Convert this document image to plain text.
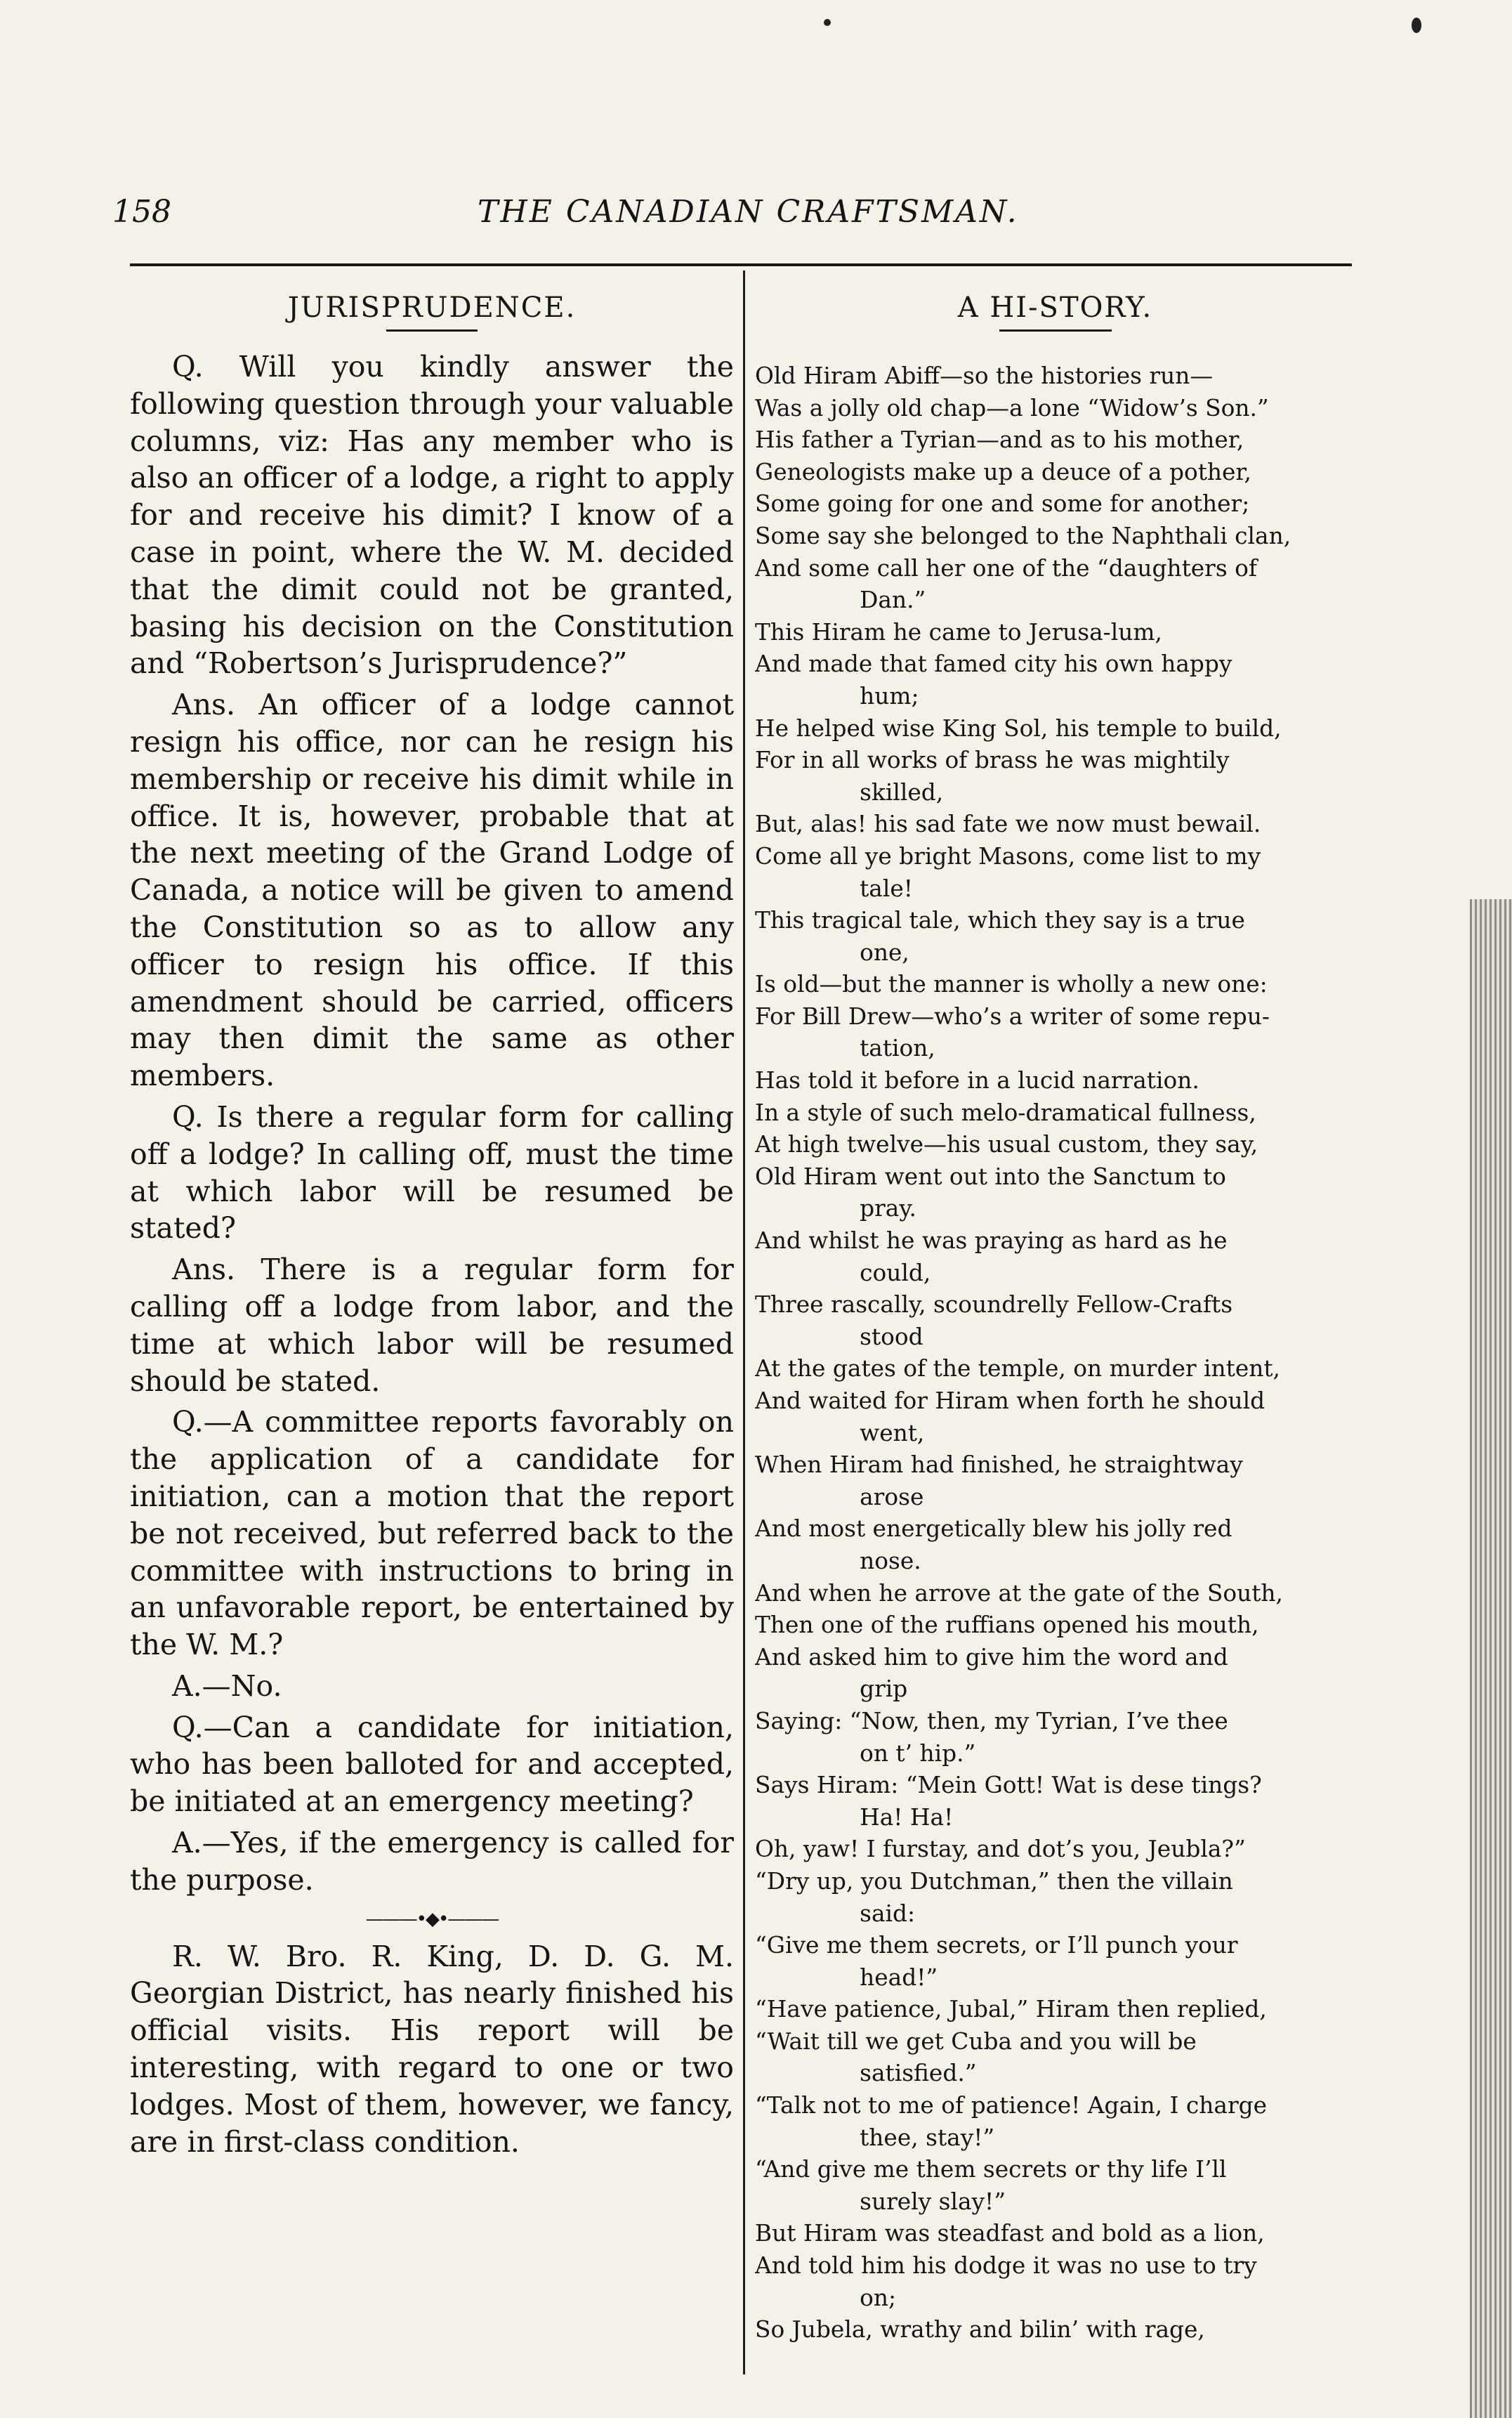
158	THE CANADIAN CRAFTSMAN.
JURISPRUDENCE.

Q. Will you kindly answer the following question through your valuable columns, viz: Has any member who is also an officer of a lodge, a right to apply for and receive his dimit? I know of a case in point, where the W. M. decided that the dimit could not be granted, basing his decision on the Constitution and “Robertson’s Jurisprudence?”

Ans. An officer of a lodge cannot resign his office, nor can he resign his membership or receive his dimit while in office. It is, however, probable that at the next meeting of the Grand Lodge of Canada, a notice will be given to amend the Constitution so as to allow any officer to resign his office. If this amendment should be carried, officers may then dimit the same as other members.

Q. Is there a regular form for calling off a lodge? In calling off, must the time at which labor will be resumed be stated?

Ans. There is a regular form for calling off a lodge from labor, and the time at which labor will be resumed should be stated.

Q.—A committee reports favorably on the application of a candidate for initiation, can a motion that the report be not received, but referred back to the committee with instructions to bring in an unfavorable report, be entertained by the W. M.?

A.—No.

Q.—Can a candidate for initiation, who has been balloted for and accepted, be initiated at an emergency meeting?

A.—Yes, if the emergency is called for the purpose.

———•◆•———

R. W. Bro. R. King, D. D. G. M. Georgian District, has nearly finished his official visits. His report will be interesting, with regard to one or two lodges. Most of them, however, we fancy, are in first-class condition.

A HI-STORY.
Old Hiram Abiff—so the histories run—
Was a jolly old chap—a lone “Widow’s Son.”
His father a Tyrian—and as to his mother,
Geneologists make up a deuce of a pother,
Some going for one and some for another;
Some say she belonged to the Naphthali clan,
And some call her one of the “daughters of
Dan.”
This Hiram he came to Jerusa-lum,
And made that famed city his own happy
hum;
He helped wise King Sol, his temple to build,
For in all works of brass he was mightily
skilled,
But, alas! his sad fate we now must bewail.
Come all ye bright Masons, come list to my
tale!
This tragical tale, which they say is a true
one,
Is old—but the manner is wholly a new one:
For Bill Drew—who’s a writer of some repu-
tation,
Has told it before in a lucid narration.
In a style of such melo-dramatical fullness,
At high twelve—his usual custom, they say,
Old Hiram went out into the Sanctum to
pray.
And whilst he was praying as hard as he
could,
Three rascally, scoundrelly Fellow-Crafts
stood
At the gates of the temple, on murder intent,
And waited for Hiram when forth he should
went,
When Hiram had finished, he straightway
arose
And most energetically blew his jolly red
nose.
And when he arrove at the gate of the South,
Then one of the ruffians opened his mouth,
And asked him to give him the word and
grip
Saying: “Now, then, my Tyrian, I’ve thee
on t’ hip.”
Says Hiram: “Mein Gott! Wat is dese tings?
Ha! Ha!
Oh, yaw! I furstay, and dot’s you, Jeubla?”
“Dry up, you Dutchman,” then the villain
said:
“Give me them secrets, or I’ll punch your
head!”
“Have patience, Jubal,” Hiram then replied,
“Wait till we get Cuba and you will be
satisfied.”
“Talk not to me of patience! Again, I charge
thee, stay!”
“And give me them secrets or thy life I’ll
surely slay!”
But Hiram was steadfast and bold as a lion,
And told him his dodge it was no use to try
on;
So Jubela, wrathy and bilin’ with rage,
